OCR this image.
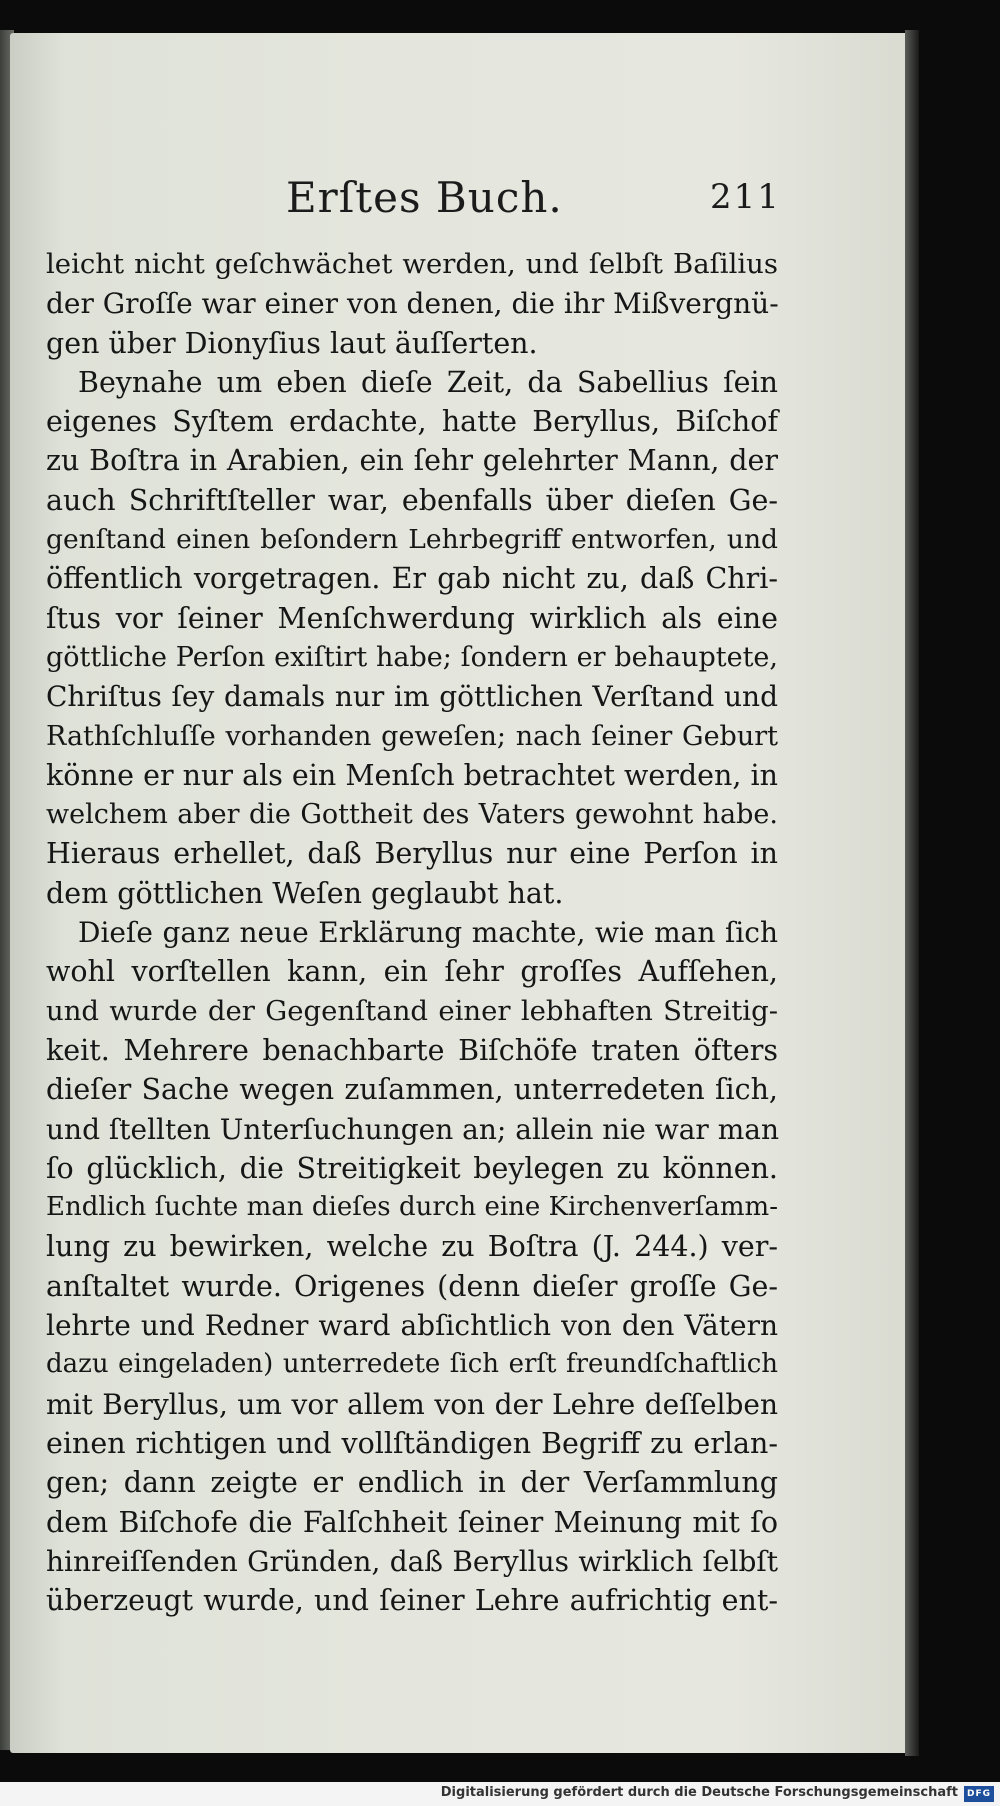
Erſtes Buch.	211
leicht nicht geſchwächet werden, und ſelbſt Baſilius
der Groſſe war einer von denen, die ihr Mißvergnü-
gen über Dionyſius laut äuſſerten.
Beynahe um eben dieſe Zeit, da Sabellius ſein
eigenes Syſtem erdachte, hatte Beryllus, Biſchof
zu Boſtra in Arabien, ein ſehr gelehrter Mann, der
auch Schriftſteller war, ebenfalls über dieſen Ge-
genſtand einen beſondern Lehrbegriff entworfen, und
öffentlich vorgetragen. Er gab nicht zu, daß Chri-
ſtus vor ſeiner Menſchwerdung wirklich als eine
göttliche Perſon exiſtirt habe; ſondern er behauptete,
Chriſtus ſey damals nur im göttlichen Verſtand und
Rathſchluſſe vorhanden geweſen; nach ſeiner Geburt
könne er nur als ein Menſch betrachtet werden, in
welchem aber die Gottheit des Vaters gewohnt habe.
Hieraus erhellet, daß Beryllus nur eine Perſon in
dem göttlichen Weſen geglaubt hat.
Dieſe ganz neue Erklärung machte, wie man ſich
wohl vorſtellen kann, ein ſehr groſſes Aufſehen,
und wurde der Gegenſtand einer lebhaften Streitig-
keit. Mehrere benachbarte Biſchöfe traten öfters
dieſer Sache wegen zuſammen, unterredeten ſich,
und ſtellten Unterſuchungen an; allein nie war man
ſo glücklich, die Streitigkeit beylegen zu können.
Endlich ſuchte man dieſes durch eine Kirchenverſamm-
lung zu bewirken, welche zu Boſtra (J. 244.) ver-
anſtaltet wurde. Origenes (denn dieſer groſſe Ge-
lehrte und Redner ward abſichtlich von den Vätern
dazu eingeladen) unterredete ſich erſt freundſchaftlich
mit Beryllus, um vor allem von der Lehre deſſelben
einen richtigen und vollſtändigen Begriff zu erlan-
gen; dann zeigte er endlich in der Verſammlung
dem Biſchofe die Falſchheit ſeiner Meinung mit ſo
hinreiſſenden Gründen, daß Beryllus wirklich ſelbſt
überzeugt wurde, und ſeiner Lehre aufrichtig ent-
Digitalisierung gefördert durch die Deutsche Forschungsgemeinschaft DFG
